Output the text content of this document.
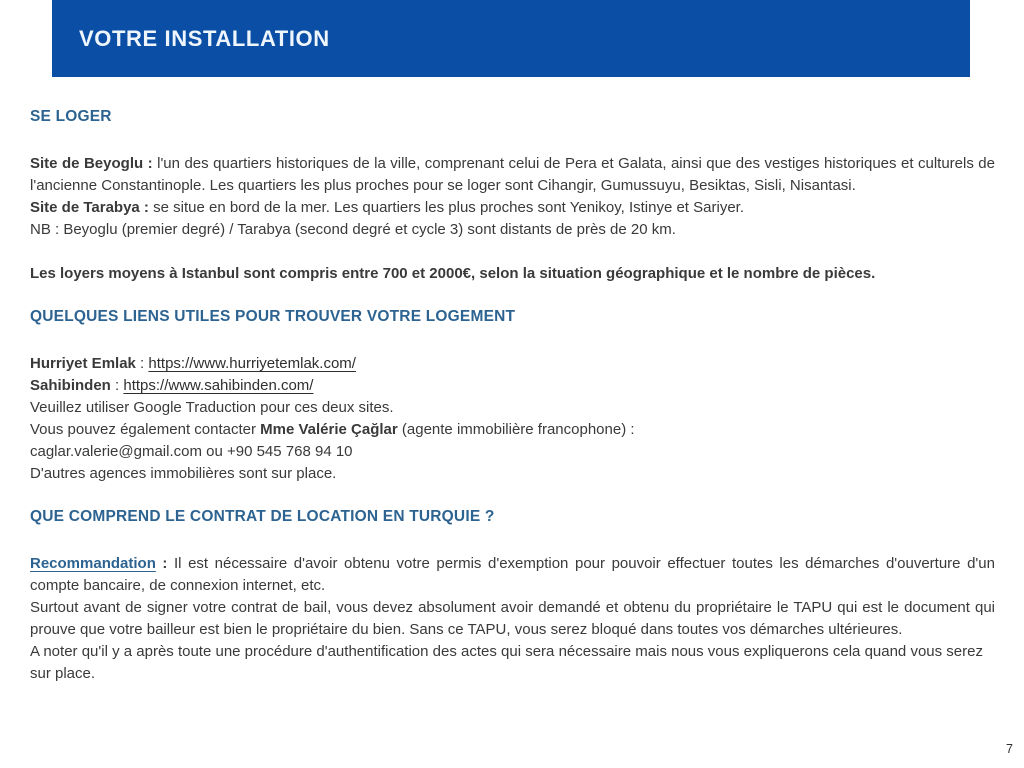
VOTRE INSTALLATION
SE LOGER
Site de Beyoglu : l'un des quartiers historiques de la ville, comprenant celui de Pera et Galata, ainsi que des vestiges historiques et culturels de l'ancienne Constantinople. Les quartiers les plus proches pour se loger sont Cihangir, Gumussuyu, Besiktas, Sisli, Nisantasi.
Site de Tarabya : se situe en bord de la mer. Les quartiers les plus proches sont Yenikoy, Istinye et Sariyer.
NB : Beyoglu (premier degré) / Tarabya (second degré et cycle 3) sont distants de près de 20 km.
Les loyers moyens à Istanbul sont compris entre 700 et 2000€, selon la situation géographique et le nombre de pièces.
QUELQUES LIENS UTILES POUR TROUVER VOTRE LOGEMENT
Hurriyet Emlak : https://www.hurriyetemlak.com/
Sahibinden : https://www.sahibinden.com/
Veuillez utiliser Google Traduction pour ces deux sites.
Vous pouvez également contacter Mme Valérie Çağlar (agente immobilière francophone) :
caglar.valerie@gmail.com ou +90 545 768 94 10
D'autres agences immobilières sont sur place.
QUE COMPREND LE CONTRAT DE LOCATION EN TURQUIE ?
Recommandation : Il est nécessaire d'avoir obtenu votre permis d'exemption pour pouvoir effectuer toutes les démarches d'ouverture d'un compte bancaire, de connexion internet, etc.
Surtout avant de signer votre contrat de bail, vous devez absolument avoir demandé et obtenu du propriétaire le TAPU qui est le document qui prouve que votre bailleur est bien le propriétaire du bien. Sans ce TAPU, vous serez bloqué dans toutes vos démarches ultérieures.
A noter qu'il y a après toute une procédure d'authentification des actes qui sera nécessaire mais nous vous expliquerons cela quand vous serez sur place.
7
